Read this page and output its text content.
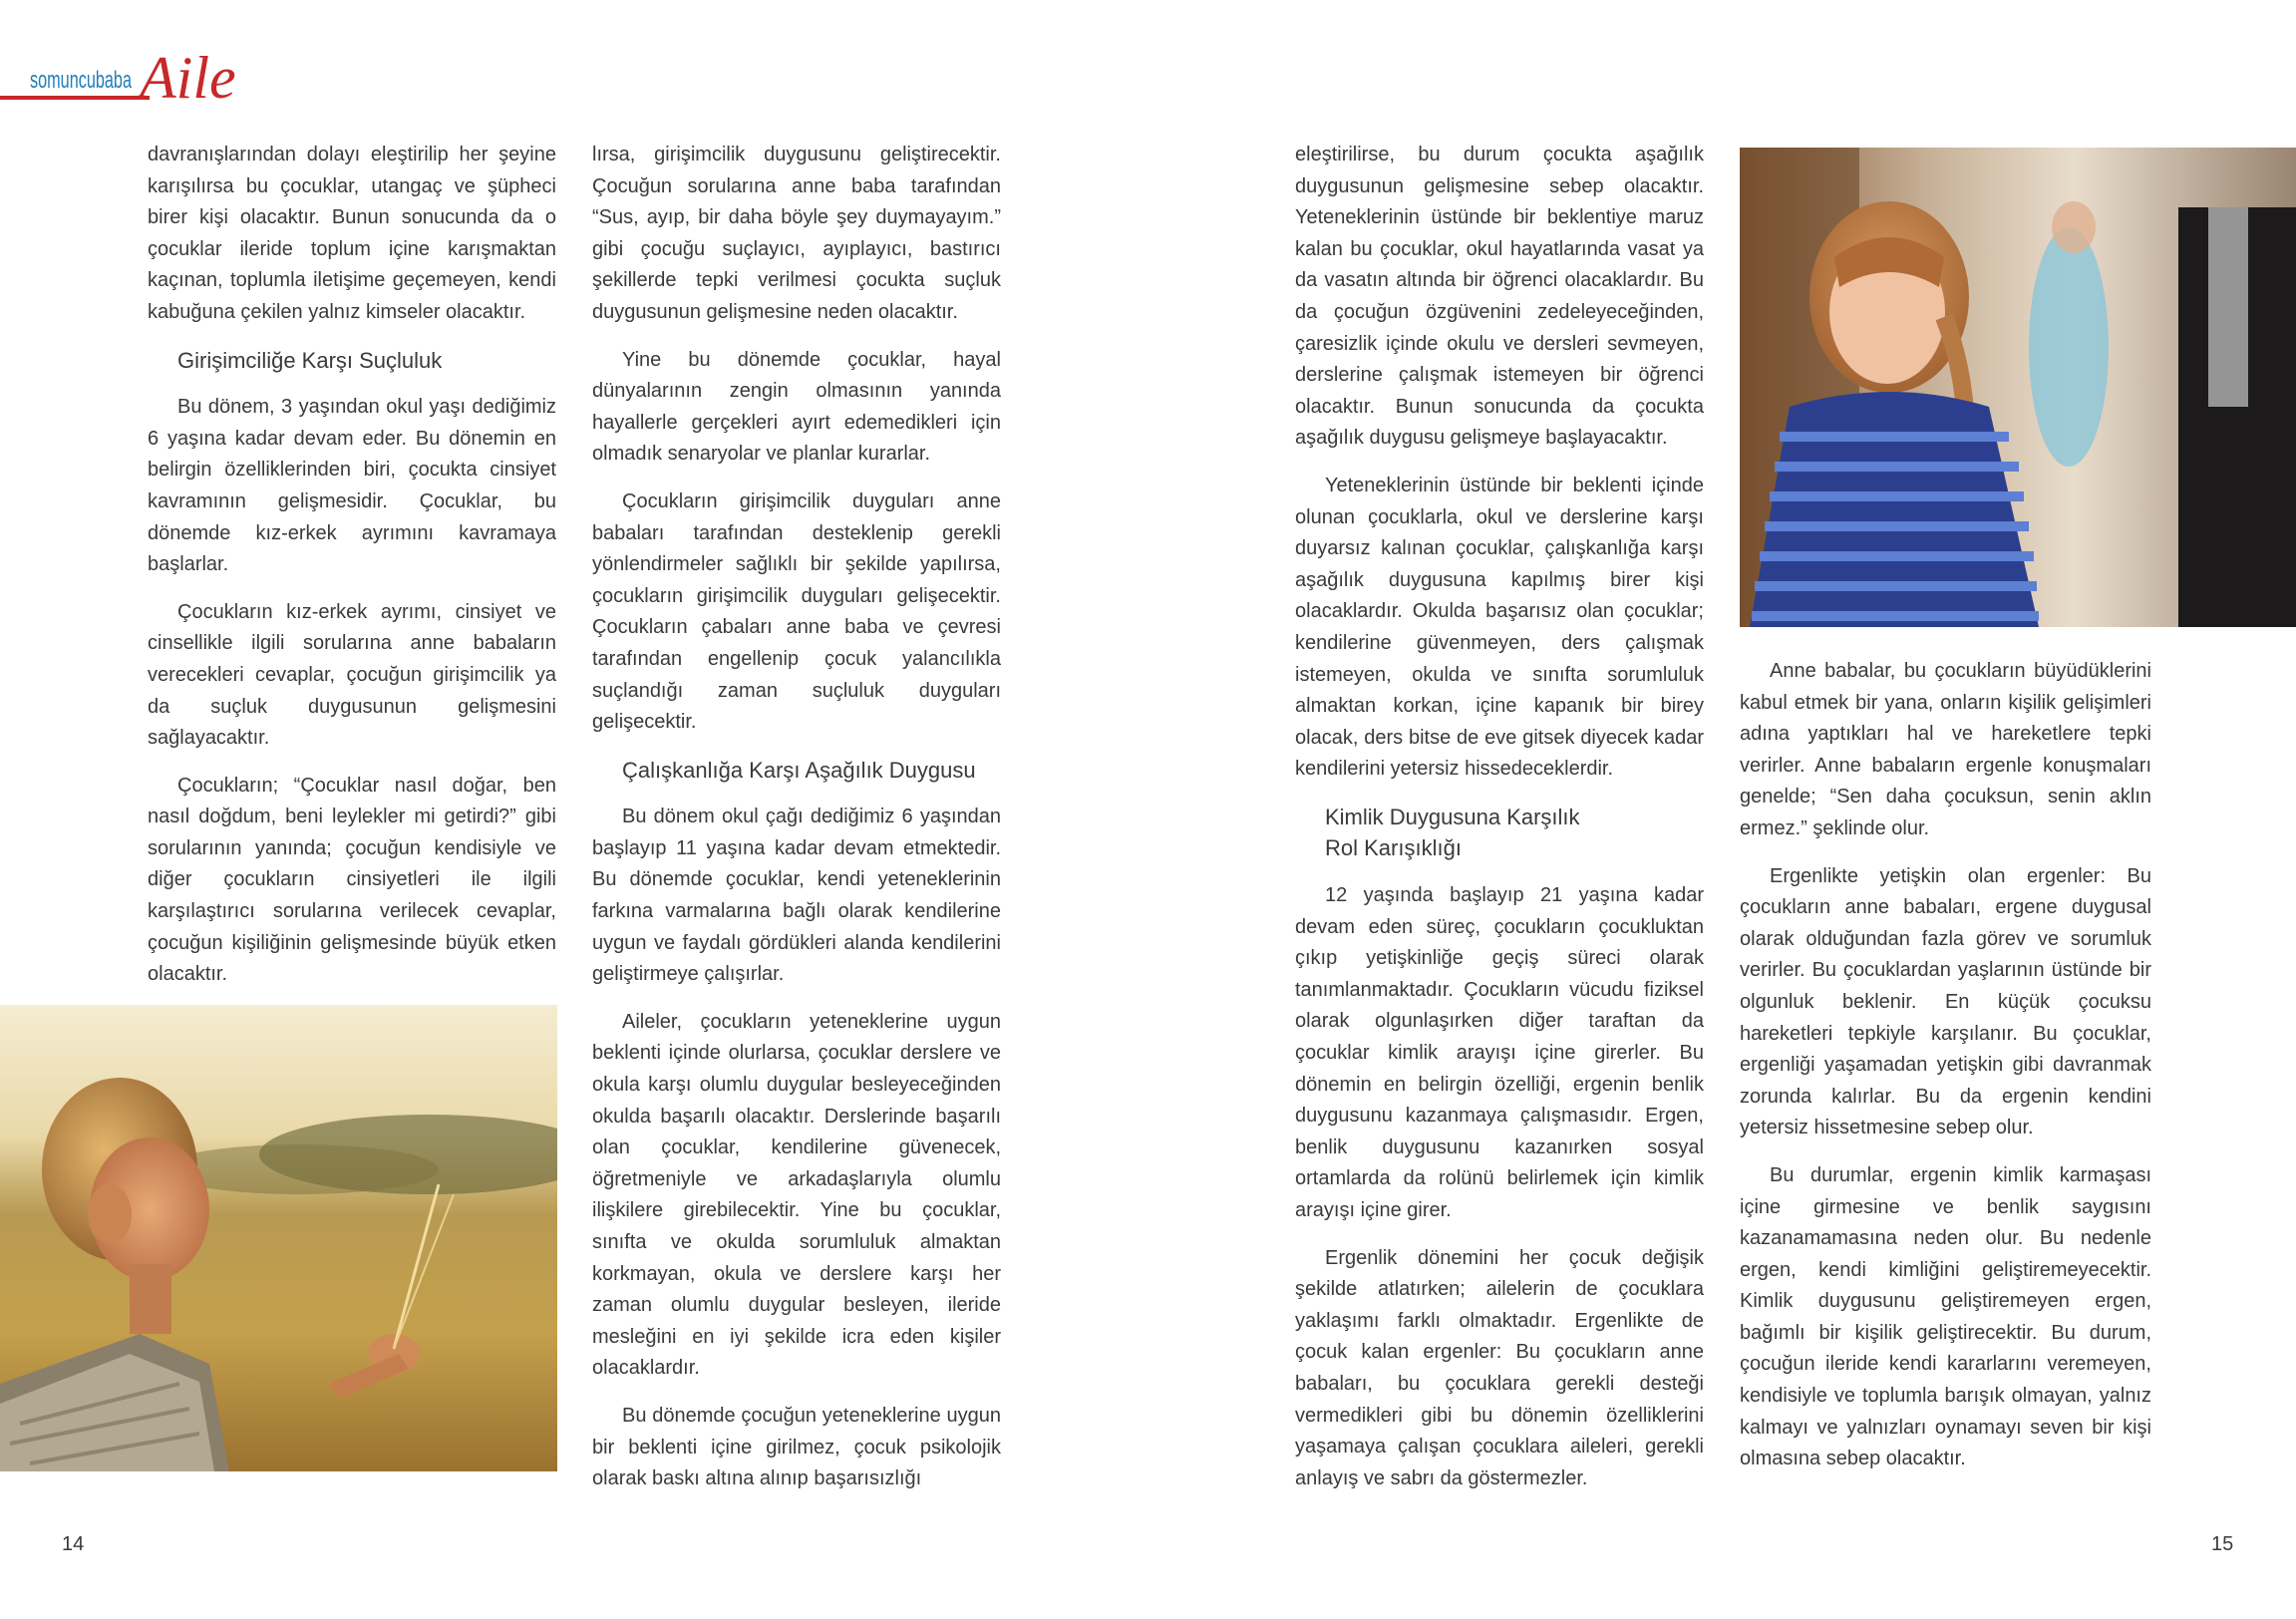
somuncubaba Aile

davranışlarından dolayı eleştirilip her şeyine karışılırsa bu çocuklar, utangaç ve şüpheci birer kişi olacaktır. Bunun sonucunda da o çocuklar ileride toplum içine karışmaktan kaçınan, toplumla iletişime geçemeyen, kendi kabuğuna çekilen yalnız kimseler olacaktır.

Girişimciliğe Karşı Suçluluk

Bu dönem, 3 yaşından okul yaşı dediğimiz 6 yaşına kadar devam eder. Bu dönemin en belirgin özelliklerinden biri, çocukta cinsiyet kavramının gelişmesidir. Çocuklar, bu dönemde kız-erkek ayrımını kavramaya başlarlar.

Çocukların kız-erkek ayrımı, cinsiyet ve cinsellikle ilgili sorularına anne babaların verecekleri cevaplar, çocuğun girişimcilik ya da suçluk duygusunun gelişmesini sağlayacaktır.

Çocukların; “Çocuklar nasıl doğar, ben nasıl doğdum, beni leylekler mi getirdi?” gibi sorularının yanında; çocuğun kendisiyle ve diğer çocukların cinsiyetleri ile ilgili karşılaştırıcı sorularına verilecek cevaplar, çocuğun kişiliğinin gelişmesinde büyük etken olacaktır.

lırsa, girişimcilik duygusunu geliştirecektir. Çocuğun sorularına anne baba tarafından “Sus, ayıp, bir daha böyle şey duymayayım.” gibi çocuğu suçlayıcı, ayıplayıcı, bastırıcı şekillerde tepki verilmesi çocukta suçluk duygusunun gelişmesine neden olacaktır.

Yine bu dönemde çocuklar, hayal dünyalarının zengin olmasının yanında hayallerle gerçekleri ayırt edemedikleri için olmadık senaryolar ve planlar kurarlar.

Çocukların girişimcilik duyguları anne babaları tarafından desteklenip gerekli yönlendirmeler sağlıklı bir şekilde yapılırsa, çocukların girişimcilik duyguları gelişecektir. Çocukların çabaları anne baba ve çevresi tarafından engellenip çocuk yalancılıkla suçlandığı zaman suçluluk duyguları gelişecektir.

Çalışkanlığa Karşı Aşağılık Duygusu

Bu dönem okul çağı dediğimiz 6 yaşından başlayıp 11 yaşına kadar devam etmektedir. Bu dönemde çocuklar, kendi yeteneklerinin farkına varmalarına bağlı olarak kendilerine uygun ve faydalı gördükleri alanda kendilerini geliştirmeye çalışırlar.

Aileler, çocukların yeteneklerine uygun beklenti içinde olurlarsa, çocuklar derslere ve okula karşı olumlu duygular besleyeceğinden okulda başarılı olacaktır. Derslerinde başarılı olan çocuklar, kendilerine güvenecek, öğretmeniyle ve arkadaşlarıyla olumlu ilişkilere girebilecektir. Yine bu çocuklar, sınıfta ve okulda sorumluluk almaktan korkmayan, okula ve derslere karşı her zaman olumlu duygular besleyen, ileride mesleğini en iyi şekilde icra eden kişiler olacaklardır.

Bu dönemde çocuğun yeteneklerine uygun bir beklenti içine girilmez, çocuk psikolojik olarak baskı altına alınıp başarısızlığı

eleştirilirse, bu durum çocukta aşağılık duygusunun gelişmesine sebep olacaktır. Yeteneklerinin üstünde bir beklentiye maruz kalan bu çocuklar, okul hayatlarında vasat ya da vasatın altında bir öğrenci olacaklardır. Bu da çocuğun özgüvenini zedeleyeceğinden, çaresizlik içinde okulu ve dersleri sevmeyen, derslerine çalışmak istemeyen bir öğrenci olacaktır. Bunun sonucunda da çocukta aşağılık duygusu gelişmeye başlayacaktır.

Yeteneklerinin üstünde bir beklenti içinde olunan çocuklarla, okul ve derslerine karşı duyarsız kalınan çocuklar, çalışkanlığa karşı aşağılık duygusuna kapılmış birer kişi olacaklardır. Okulda başarısız olan çocuklar; kendilerine güvenmeyen, ders çalışmak istemeyen, okulda ve sınıfta sorumluluk almaktan korkan, içine kapanık bir birey olacak, ders bitse de eve gitsek diyecek kadar kendilerini yetersiz hissedeceklerdir.

Kimlik Duygusuna Karşılık
Rol Karışıklığı

12 yaşında başlayıp 21 yaşına kadar devam eden süreç, çocukların çocukluktan çıkıp yetişkinliğe geçiş süreci olarak tanımlanmaktadır. Çocukların vücudu fiziksel olarak olgunlaşırken diğer taraftan da çocuklar kimlik arayışı içine girerler. Bu dönemin en belirgin özelliği, ergenin benlik duygusunu kazanmaya çalışmasıdır. Ergen, benlik duygusunu kazanırken sosyal ortamlarda da rolünü belirlemek için kimlik arayışı içine girer.

Ergenlik dönemini her çocuk değişik şekilde atlatırken; ailelerin de çocuklara yaklaşımı farklı olmaktadır. Ergenlikte de çocuk kalan ergenler: Bu çocukların anne babaları, bu çocuklara gerekli desteği vermedikleri gibi bu dönemin özelliklerini yaşamaya çalışan çocuklara aileleri, gerekli anlayış ve sabrı da göstermezler.

Anne babalar, bu çocukların büyüdüklerini kabul etmek bir yana, onların kişilik gelişimleri adına yaptıkları hal ve hareketlere tepki verirler. Anne babaların ergenle konuşmaları genelde; “Sen daha çocuksun, senin aklın ermez.” şeklinde olur.

Ergenlikte yetişkin olan ergenler: Bu çocukların anne babaları, ergene duygusal olarak olduğundan fazla görev ve sorumluk verirler. Bu çocuklardan yaşlarının üstünde bir olgunluk beklenir. En küçük çocuksu hareketleri tepkiyle karşılanır. Bu çocuklar, ergenliği yaşamadan yetişkin gibi davranmak zorunda kalırlar. Bu da ergenin kendini yetersiz hissetmesine sebep olur.

Bu durumlar, ergenin kimlik karmaşası içine girmesine ve benlik saygısını kazanamamasına neden olur. Bu nedenle ergen, kendi kimliğini geliştiremeyecektir. Kimlik duygusunu geliştiremeyen ergen, bağımlı bir kişilik geliştirecektir. Bu durum, çocuğun ileride kendi kararlarını veremeyen, kendisiyle ve toplumla barışık olmayan, yalnız kalmayı ve yalnızları oynamayı seven bir kişi olmasına sebep olacaktır.

14	15
